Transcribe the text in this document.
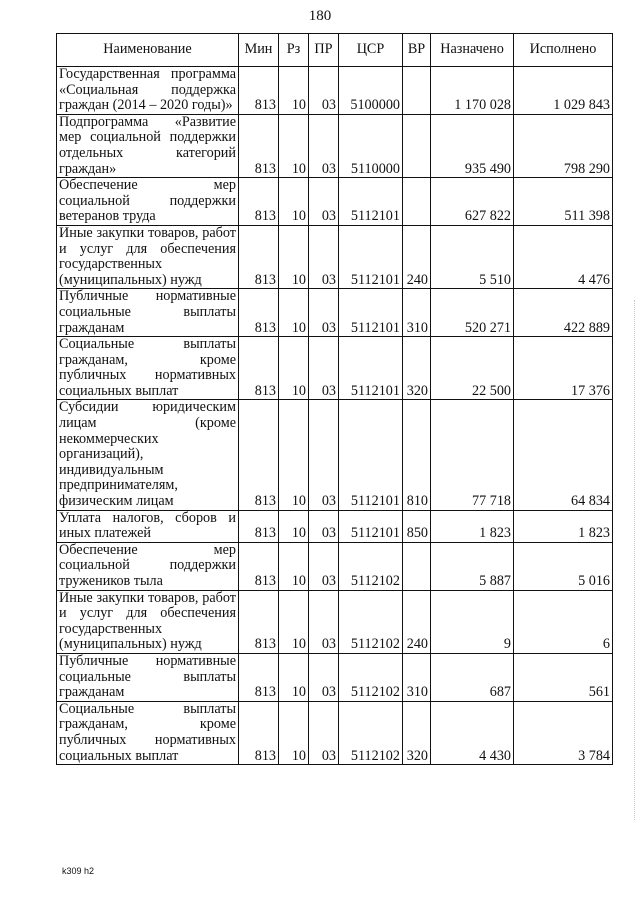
180
Наименование	Мин	Рз	ПР	ЦСР	ВР	Назначено	Исполнено
Государственная программа «Социальная поддержка граждан (2014 – 2020 годы)»	813	10	03	5100000		1 170 028	1 029 843
Подпрограмма «Развитие мер социальной поддержки отдельных категорий граждан»	813	10	03	5110000		935 490	798 290
Обеспечение мер социальной поддержки ветеранов труда	813	10	03	5112101		627 822	511 398
Иные закупки товаров, работ и услуг для обеспечения государственных (муниципальных) нужд	813	10	03	5112101	240	5 510	4 476
Публичные нормативные социальные выплаты гражданам	813	10	03	5112101	310	520 271	422 889
Социальные выплаты гражданам, кроме публичных нормативных социальных выплат	813	10	03	5112101	320	22 500	17 376
Субсидии юридическим лицам (кроме некоммерческих организаций), индивидуальным предпринимателям, физическим лицам	813	10	03	5112101	810	77 718	64 834
Уплата налогов, сборов и иных платежей	813	10	03	5112101	850	1 823	1 823
Обеспечение мер социальной поддержки тружеников тыла	813	10	03	5112102		5 887	5 016
Иные закупки товаров, работ и услуг для обеспечения государственных (муниципальных) нужд	813	10	03	5112102	240	9	6
Публичные нормативные социальные выплаты гражданам	813	10	03	5112102	310	687	561
Социальные выплаты гражданам, кроме публичных нормативных социальных выплат	813	10	03	5112102	320	4 430	3 784
k309 h2
